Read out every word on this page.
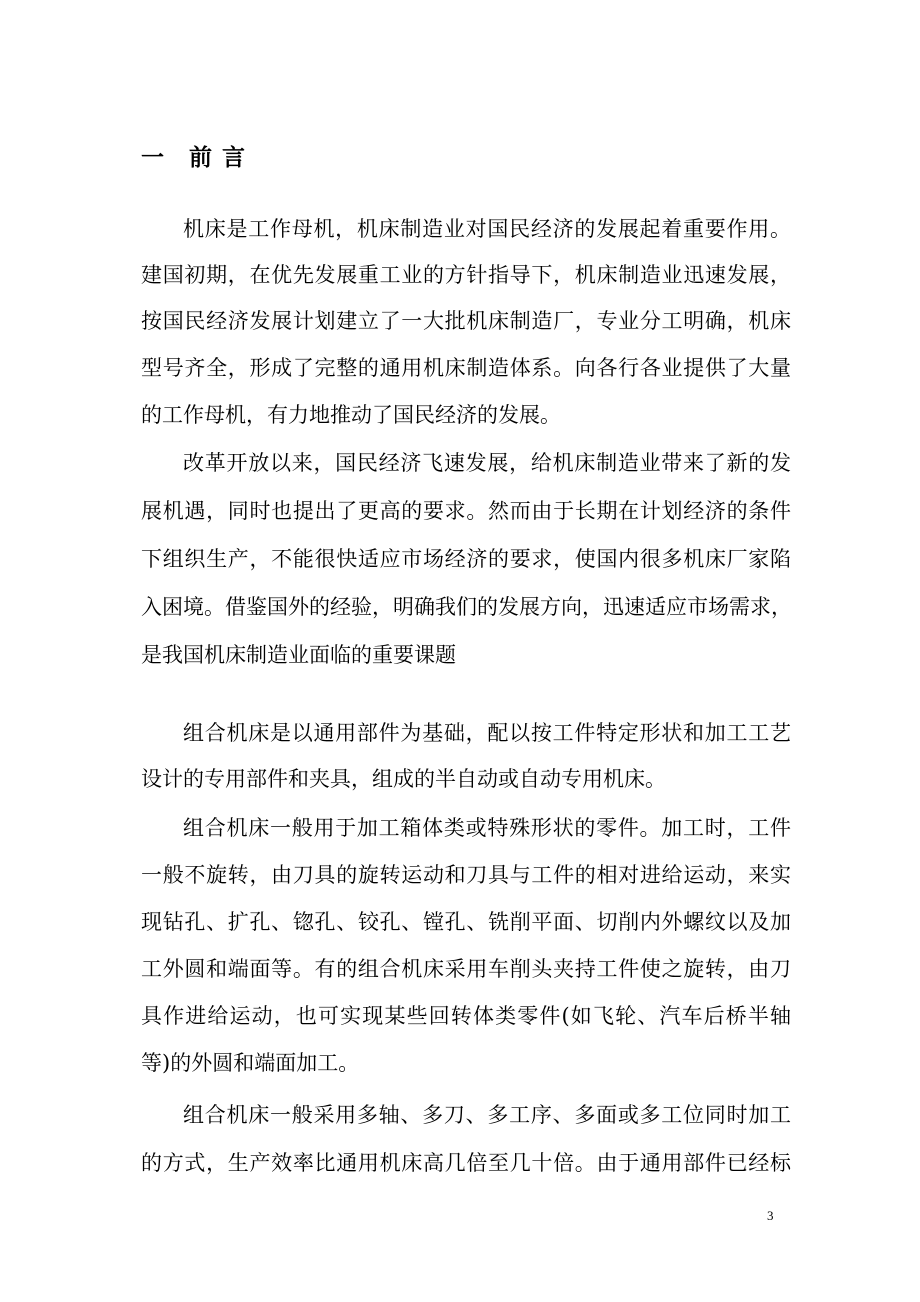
一　前 言
机床是工作母机，机床制造业对国民经济的发展起着重要作用。
建国初期，在优先发展重工业的方针指导下，机床制造业迅速发展，
按国民经济发展计划建立了一大批机床制造厂，专业分工明确，机床
型号齐全，形成了完整的通用机床制造体系。向各行各业提供了大量
的工作母机，有力地推动了国民经济的发展。
改革开放以来，国民经济飞速发展，给机床制造业带来了新的发
展机遇，同时也提出了更高的要求。然而由于长期在计划经济的条件
下组织生产，不能很快适应市场经济的要求，使国内很多机床厂家陷
入困境。借鉴国外的经验，明确我们的发展方向，迅速适应市场需求，
是我国机床制造业面临的重要课题
组合机床是以通用部件为基础，配以按工件特定形状和加工工艺
设计的专用部件和夹具，组成的半自动或自动专用机床。
组合机床一般用于加工箱体类或特殊形状的零件。加工时，工件
一般不旋转，由刀具的旋转运动和刀具与工件的相对进给运动，来实
现钻孔、扩孔、锪孔、铰孔、镗孔、铣削平面、切削内外螺纹以及加
工外圆和端面等。有的组合机床采用车削头夹持工件使之旋转，由刀
具作进给运动，也可实现某些回转体类零件(如飞轮、汽车后桥半轴
等)的外圆和端面加工。
组合机床一般采用多轴、多刀、多工序、多面或多工位同时加工
的方式，生产效率比通用机床高几倍至几十倍。由于通用部件已经标
3
